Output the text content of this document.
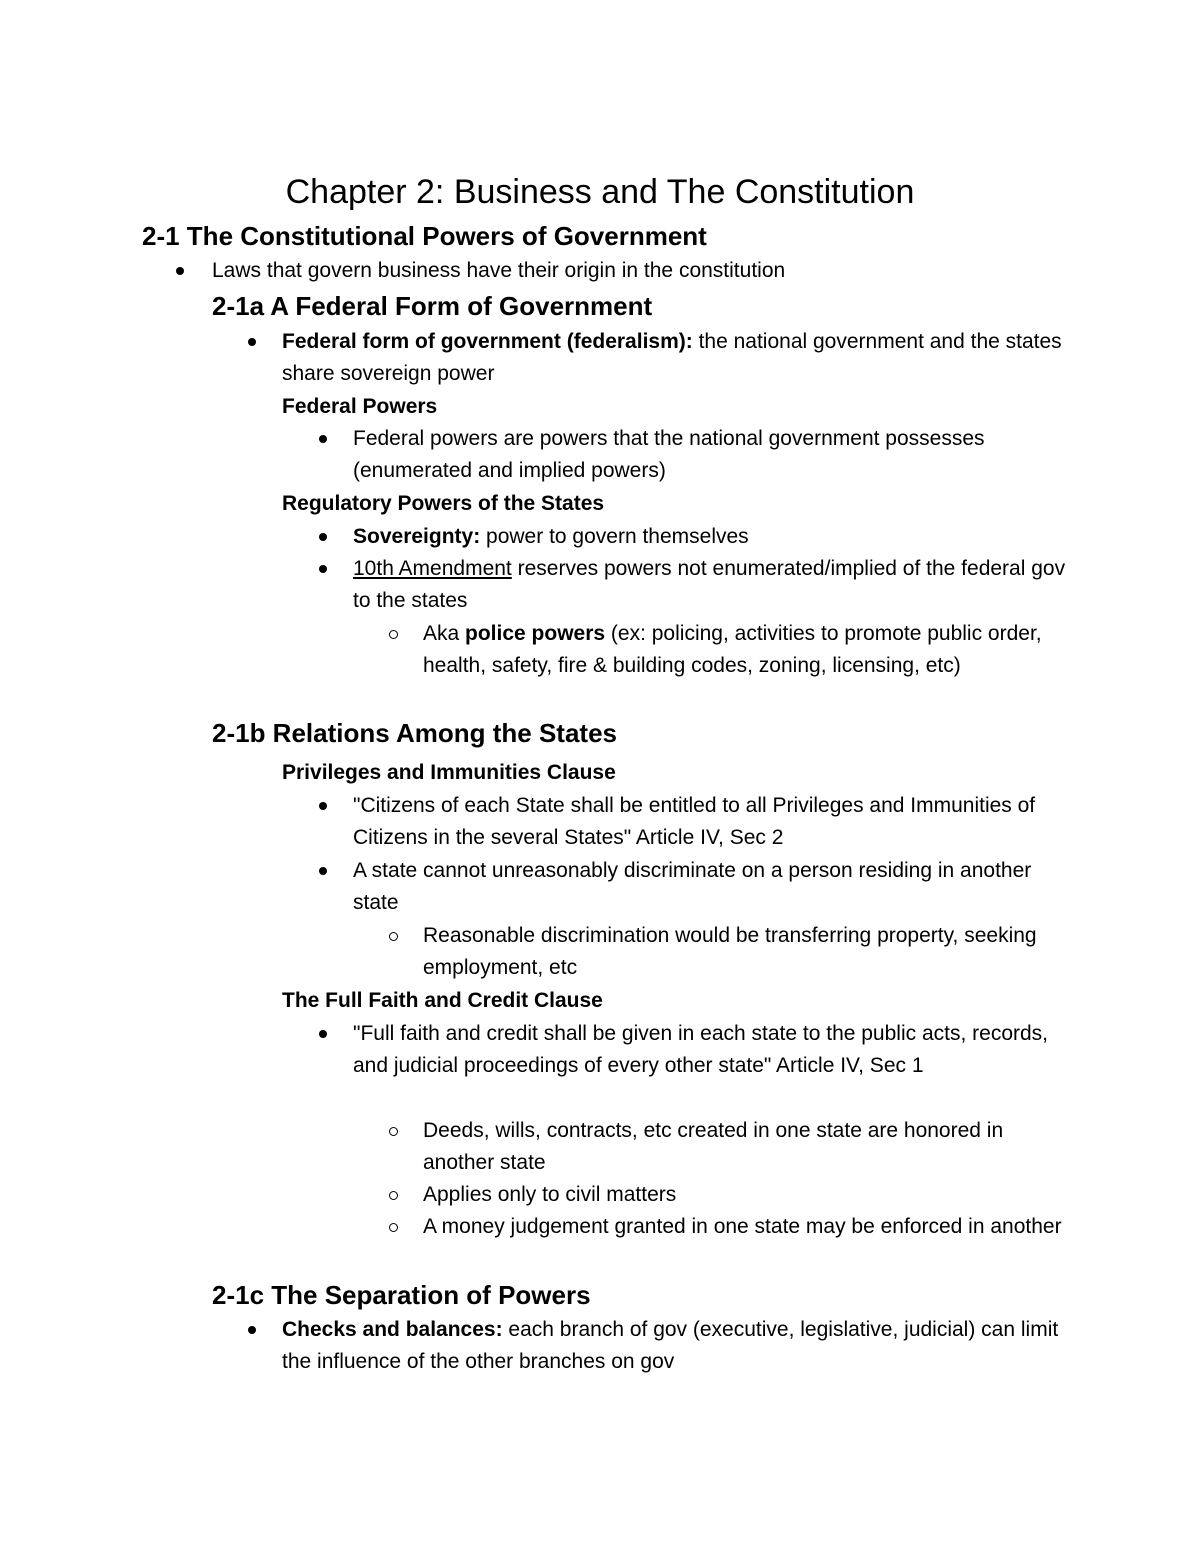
Chapter 2: Business and The Constitution
2-1 The Constitutional Powers of Government
Laws that govern business have their origin in the constitution
2-1a A Federal Form of Government
Federal form of government (federalism): the national government and the states share sovereign power
Federal Powers
Federal powers are powers that the national government possesses (enumerated and implied powers)
Regulatory Powers of the States
Sovereignty: power to govern themselves
10th Amendment reserves powers not enumerated/implied of the federal gov to the states
Aka police powers (ex: policing, activities to promote public order, health, safety, fire & building codes, zoning, licensing, etc)
2-1b Relations Among the States
Privileges and Immunities Clause
"Citizens of each State shall be entitled to all Privileges and Immunities of Citizens in the several States" Article IV, Sec 2
A state cannot unreasonably discriminate on a person residing in another state
Reasonable discrimination would be transferring property, seeking employment, etc
The Full Faith and Credit Clause
"Full faith and credit shall be given in each state to the public acts, records, and judicial proceedings of every other state" Article IV, Sec 1
Deeds, wills, contracts, etc created in one state are honored in another state
Applies only to civil matters
A money judgement granted in one state may be enforced in another
2-1c The Separation of Powers
Checks and balances: each branch of gov (executive, legislative, judicial) can limit the influence of the other branches on gov
